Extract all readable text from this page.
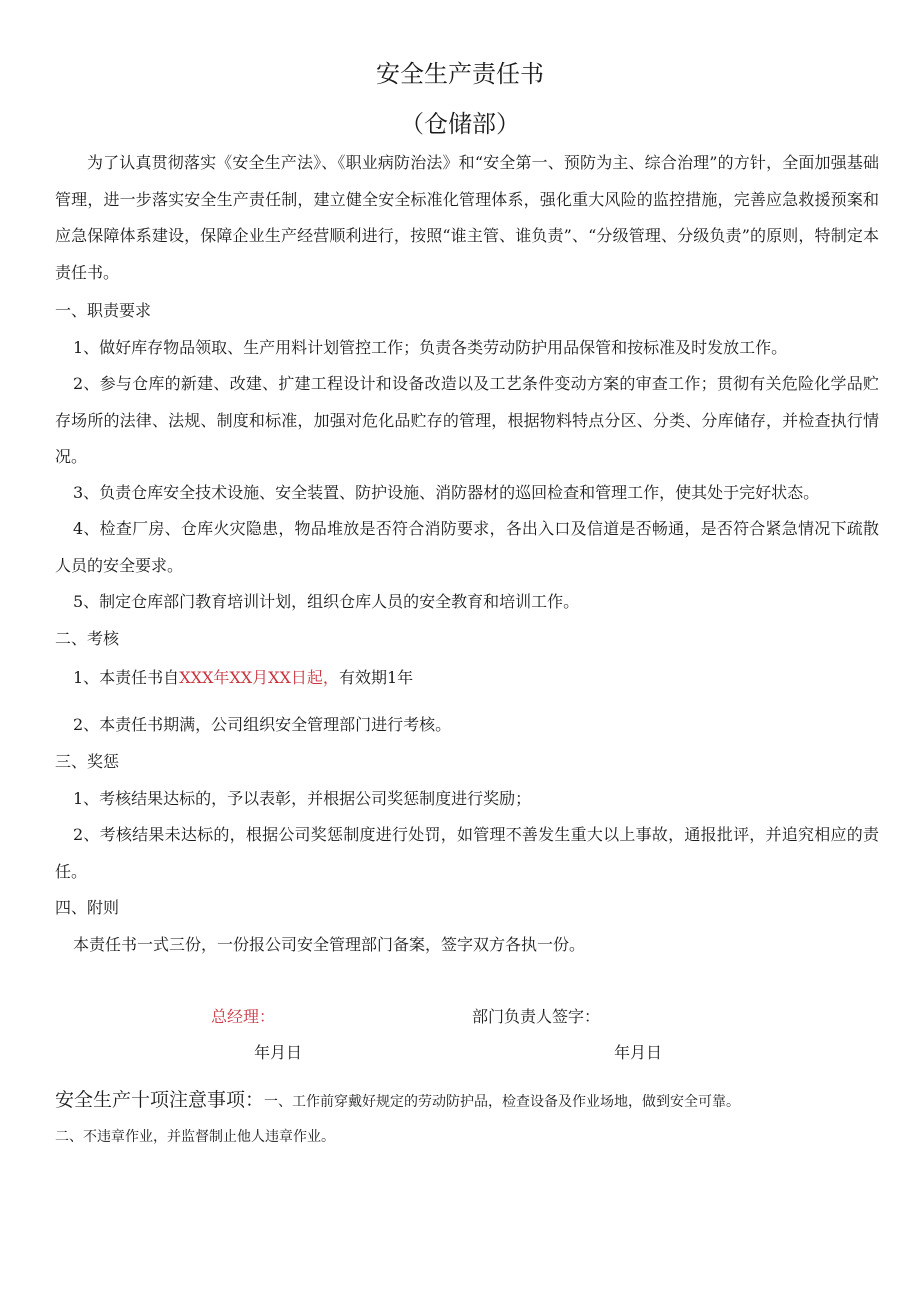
安全生产责任书
（仓储部）

为了认真贯彻落实《安全生产法》、《职业病防治法》和“安全第一、预防为主、综合治理”的方针，全面加强基础管理，进一步落实安全生产责任制，建立健全安全标准化管理体系，强化重大风险的监控措施，完善应急救援预案和应急保障体系建设，保障企业生产经营顺利进行，按照“谁主管、谁负责”、“分级管理、分级负责”的原则，特制定本责任书。

一、职责要求
1、做好库存物品领取、生产用料计划管控工作；负责各类劳动防护用品保管和按标准及时发放工作。

2、参与仓库的新建、改建、扩建工程设计和设备改造以及工艺条件变动方案的审查工作；贯彻有关危险化学品贮存场所的法律、法规、制度和标准，加强对危化品贮存的管理，根据物料特点分区、分类、分库储存，并检查执行情况。

3、负责仓库安全技术设施、安全装置、防护设施、消防器材的巡回检查和管理工作，使其处于完好状态。

4、检查厂房、仓库火灾隐患，物品堆放是否符合消防要求，各出入口及信道是否畅通，是否符合紧急情况下疏散人员的安全要求。

5、制定仓库部门教育培训计划，组织仓库人员的安全教育和培训工作。
二、考核
1、本责任书自XXX年XX月XX日起，有效期1年
2、本责任书期满，公司组织安全管理部门进行考核。
三、奖惩
1、考核结果达标的，予以表彰，并根据公司奖惩制度进行奖励；

2、考核结果未达标的，根据公司奖惩制度进行处罚，如管理不善发生重大以上事故，通报批评，并追究相应的责任。

四、附则
本责任书一式三份，一份报公司安全管理部门备案，签字双方各执一份。
总经理：	部门负责人签字：
年月日	年月日
安全生产十项注意事项：一、工作前穿戴好规定的劳动防护品，检查设备及作业场地，做到安全可靠。
二、不违章作业，并监督制止他人违章作业。
